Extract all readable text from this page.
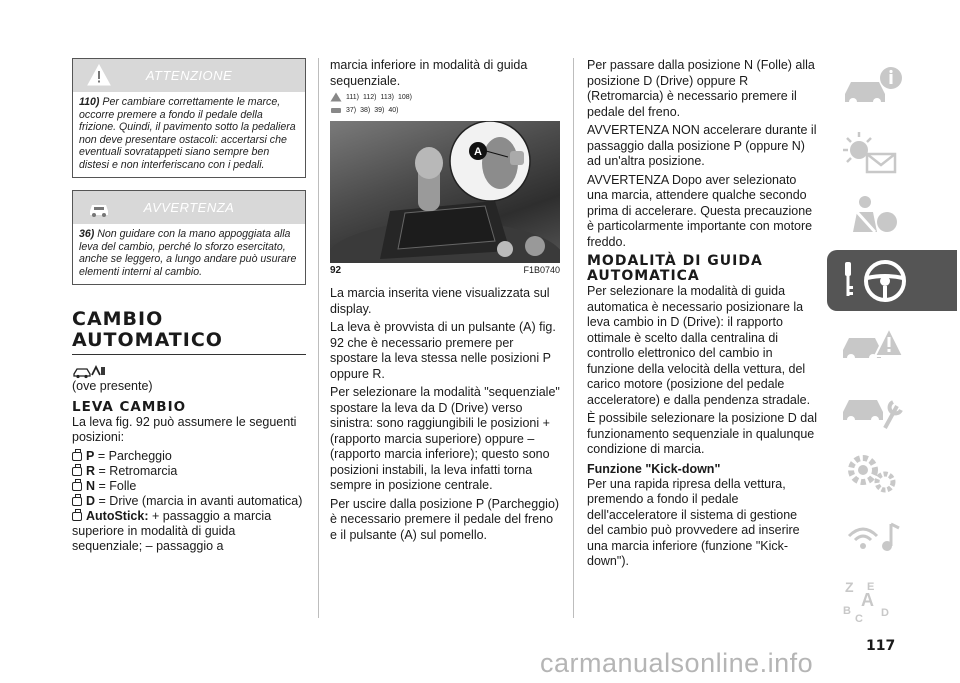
ATTENZIONE
110) Per cambiare correttamente le marce, occorre premere a fondo il pedale della frizione. Quindi, il pavimento sotto la pedaliera non deve presentare ostacoli: accertarsi che eventuali sovratappeti siano sempre ben distesi e non interferiscano con i pedali.
AVVERTENZA
36) Non guidare con la mano appoggiata alla leva del cambio, perché lo sforzo esercitato, anche se leggero, a lungo andare può usurare elementi interni al cambio.
CAMBIO
AUTOMATICO

(ove presente)

LEVA CAMBIO

La leva fig. 92 può assumere le seguenti posizioni:

P = Parcheggio
R = Retromarcia
N = Folle
D = Drive (marcia in avanti automatica)
AutoStick: + passaggio a marcia superiore in modalità di guida sequenziale; – passaggio a

marcia inferiore in modalità di guida sequenziale.

111) 112) 113) 108)
37) 38) 39) 40)
A
92	F1B0740

La marcia inserita viene visualizzata sul display.

La leva è provvista di un pulsante (A) fig. 92 che è necessario premere per spostare la leva stessa nelle posizioni P oppure R.

Per selezionare la modalità "sequenziale" spostare la leva da D (Drive) verso sinistra: sono raggiungibili le posizioni + (rapporto marcia superiore) oppure – (rapporto marcia inferiore); questo sono posizioni instabili, la leva infatti torna sempre in posizione centrale.

Per uscire dalla posizione P (Parcheggio) è necessario premere il pedale del freno e il pulsante (A) sul pomello.

Per passare dalla posizione N (Folle) alla posizione D (Drive) oppure R (Retromarcia) è necessario premere il pedale del freno.

AVVERTENZA NON accelerare durante il passaggio dalla posizione P (oppure N) ad un'altra posizione.

AVVERTENZA Dopo aver selezionato una marcia, attendere qualche secondo prima di accelerare. Questa precauzione è particolarmente importante con motore freddo.

MODALITÀ DI GUIDA
AUTOMATICA

Per selezionare la modalità di guida automatica è necessario posizionare la leva cambio in D (Drive): il rapporto ottimale è scelto dalla centralina di controllo elettronico del cambio in funzione della velocità della vettura, del carico motore (posizione del pedale acceleratore) e dalla pendenza stradale.

È possibile selezionare la posizione D dal funzionamento sequenziale in qualunque condizione di marcia.

Funzione "Kick-down"

Per una rapida ripresa della vettura, premendo a fondo il pedale dell'acceleratore il sistema di gestione del cambio può provvedere ad inserire una marcia inferiore (funzione "Kick-down").

117
carmanualsonline.info
Z E
A
B
C D
